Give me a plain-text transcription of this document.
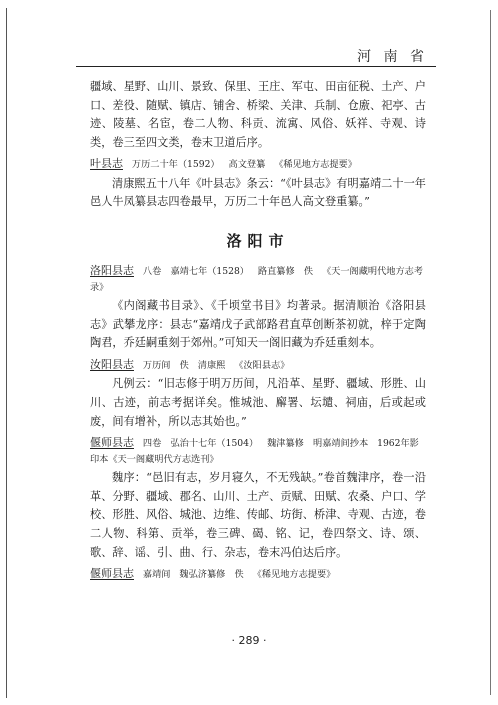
河 南 省

疆域、星野、山川、景致、保里、王庄、军屯、田亩征税、土产、户口、差役、随赋、镇店、铺舍、桥梁、关津、兵制、仓廒、祀亭、古迹、陵墓、名宦，卷二人物、科贡、流寓、风俗、妖祥、寺观、诗类，卷三至四文类，卷末卫道后序。

叶县志 万历二十年（1592） 高文登纂 《稀见地方志提要》

清康熙五十八年《叶县志》条云：“《叶县志》有明嘉靖二十一年邑人牛凤纂县志四卷最早，万历二十年邑人高文登重纂。”

洛阳市
洛阳县志 八卷　嘉靖七年（1528） 路直纂修　佚 《天一阁藏明代地方志考录》

《内阁藏书目录》、《千顷堂书目》均著录。据清顺治《洛阳县志》武攀龙序：县志“嘉靖戊子武部路君直草创断茶初就，梓于定陶陶君，乔廷嗣重刻于郊州。”可知天一阁旧藏为乔廷重刻本。

汝阳县志 万历间　佚 清康熙 《汝阳县志》

凡例云：“旧志修于明万历间，凡沿革、星野、疆域、形胜、山川、古迹，前志考据详矣。惟城池、廨署、坛壝、祠庙，后或起或废，间有增补，所以志其始也。”

偃师县志 四卷　弘治十七年（1504） 魏津纂修　明嘉靖间抄本 1962年影印本《天一阁藏明代方志选刊》

魏序：“邑旧有志，岁月寝久，不无残缺。”卷首魏津序，卷一沿革、分野、疆域、郡名、山川、土产、贡赋、田赋、农桑、户口、学校、形胜、风俗、城池、边维、传邮、坊街、桥津、寺观、古迹，卷二人物、科第、贡举，卷三碑、碣、铭、记，卷四祭文、诗、颂、歌、辞、谣、引、曲、行、杂志，卷末冯伯达后序。

偃师县志 嘉靖间 魏弘济纂修　佚 《稀见地方志提要》
· 289 ·
